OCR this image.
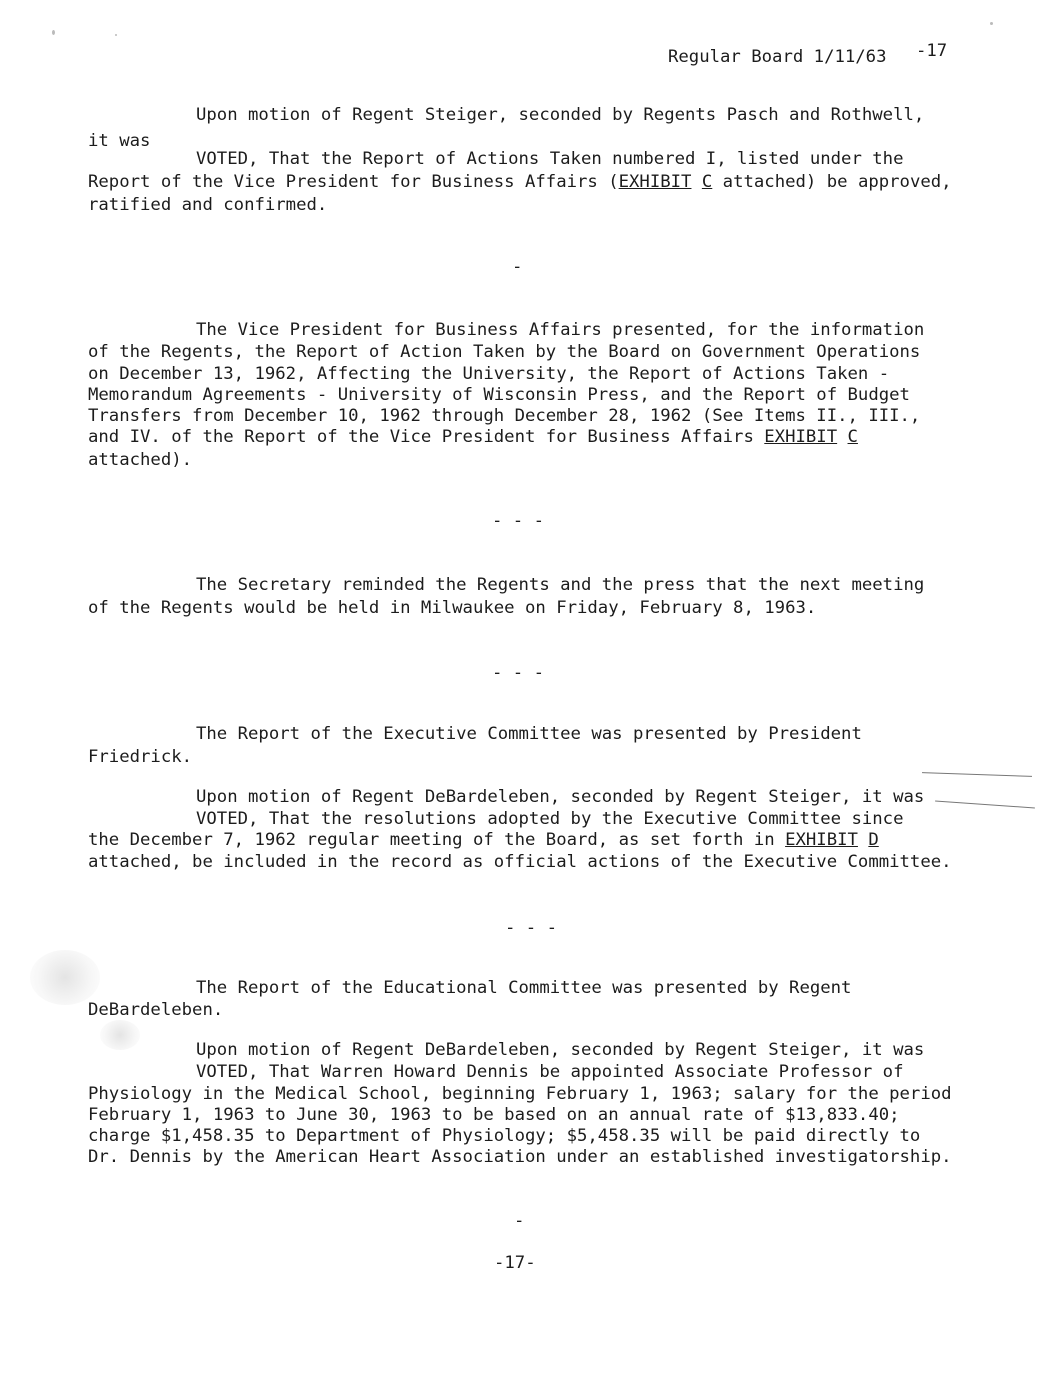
Regular Board 1/11/63 -17
Upon motion of Regent Steiger, seconded by Regents Pasch and Rothwell,
it was
VOTED, That the Report of Actions Taken numbered I, listed under the
Report of the Vice President for Business Affairs (EXHIBIT C attached) be approved,
ratified and confirmed.
-
The Vice President for Business Affairs presented, for the information
of the Regents, the Report of Action Taken by the Board on Government Operations
on December 13, 1962, Affecting the University, the Report of Actions Taken -
Memorandum Agreements - University of Wisconsin Press, and the Report of Budget
Transfers from December 10, 1962 through December 28, 1962 (See Items II., III.,
and IV. of the Report of the Vice President for Business Affairs EXHIBIT C
attached).
- - -
The Secretary reminded the Regents and the press that the next meeting
of the Regents would be held in Milwaukee on Friday, February 8, 1963.
- - -
The Report of the Executive Committee was presented by President
Friedrick.
Upon motion of Regent DeBardeleben, seconded by Regent Steiger, it was
VOTED, That the resolutions adopted by the Executive Committee since
the December 7, 1962 regular meeting of the Board, as set forth in EXHIBIT D
attached, be included in the record as official actions of the Executive Committee.
- - -
The Report of the Educational Committee was presented by Regent
DeBardeleben.
Upon motion of Regent DeBardeleben, seconded by Regent Steiger, it was
VOTED, That Warren Howard Dennis be appointed Associate Professor of
Physiology in the Medical School, beginning February 1, 1963; salary for the period
February 1, 1963 to June 30, 1963 to be based on an annual rate of $13,833.40;
charge $1,458.35 to Department of Physiology; $5,458.35 will be paid directly to
Dr. Dennis by the American Heart Association under an established investigatorship.
-
-17-
